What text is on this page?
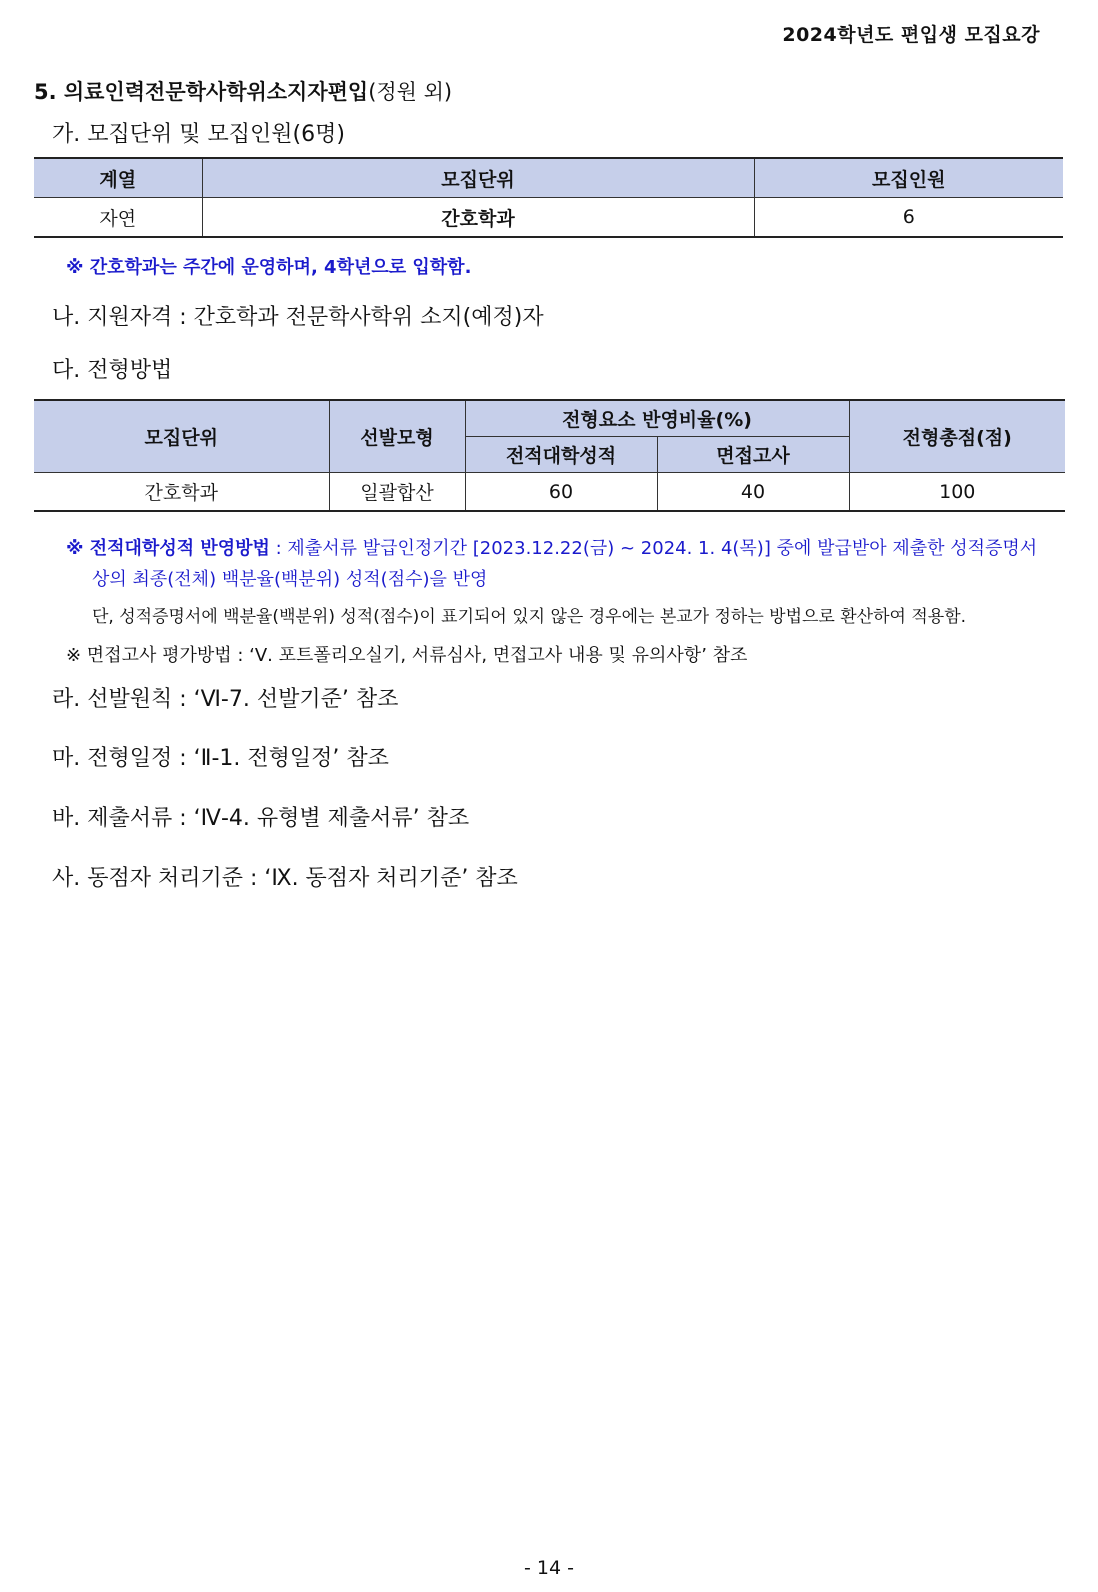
2024학년도 편입생 모집요강
5. 의료인력전문학사학위소지자편입(정원 외)
가. 모집단위 및 모집인원(6명)
계열	모집단위	모집인원
자연	간호학과	6
※ 간호학과는 주간에 운영하며, 4학년으로 입학함.
나. 지원자격 : 간호학과 전문학사학위 소지(예정)자
다. 전형방법
모집단위	선발모형	전형요소 반영비율(%)		전형총점(점)
		전적대학성적	면접고사	
간호학과	일괄합산	60	40	100
※ 전적대학성적 반영방법 : 제출서류 발급인정기간 [2023.12.22(금) ~ 2024. 1. 4(목)] 중에 발급받아 제출한 성적증명서
상의 최종(전체) 백분율(백분위) 성적(점수)을 반영
단, 성적증명서에 백분율(백분위) 성적(점수)이 표기되어 있지 않은 경우에는 본교가 정하는 방법으로 환산하여 적용함.
※ 면접고사 평가방법 : ‘Ⅴ. 포트폴리오실기, 서류심사, 면접고사 내용 및 유의사항’ 참조
라. 선발원칙 : ‘Ⅵ-7. 선발기준’ 참조
마. 전형일정 : ‘Ⅱ-1. 전형일정’ 참조
바. 제출서류 : ‘Ⅳ-4. 유형별 제출서류’ 참조
사. 동점자 처리기준 : ‘Ⅸ. 동점자 처리기준’ 참조
- 14 -
